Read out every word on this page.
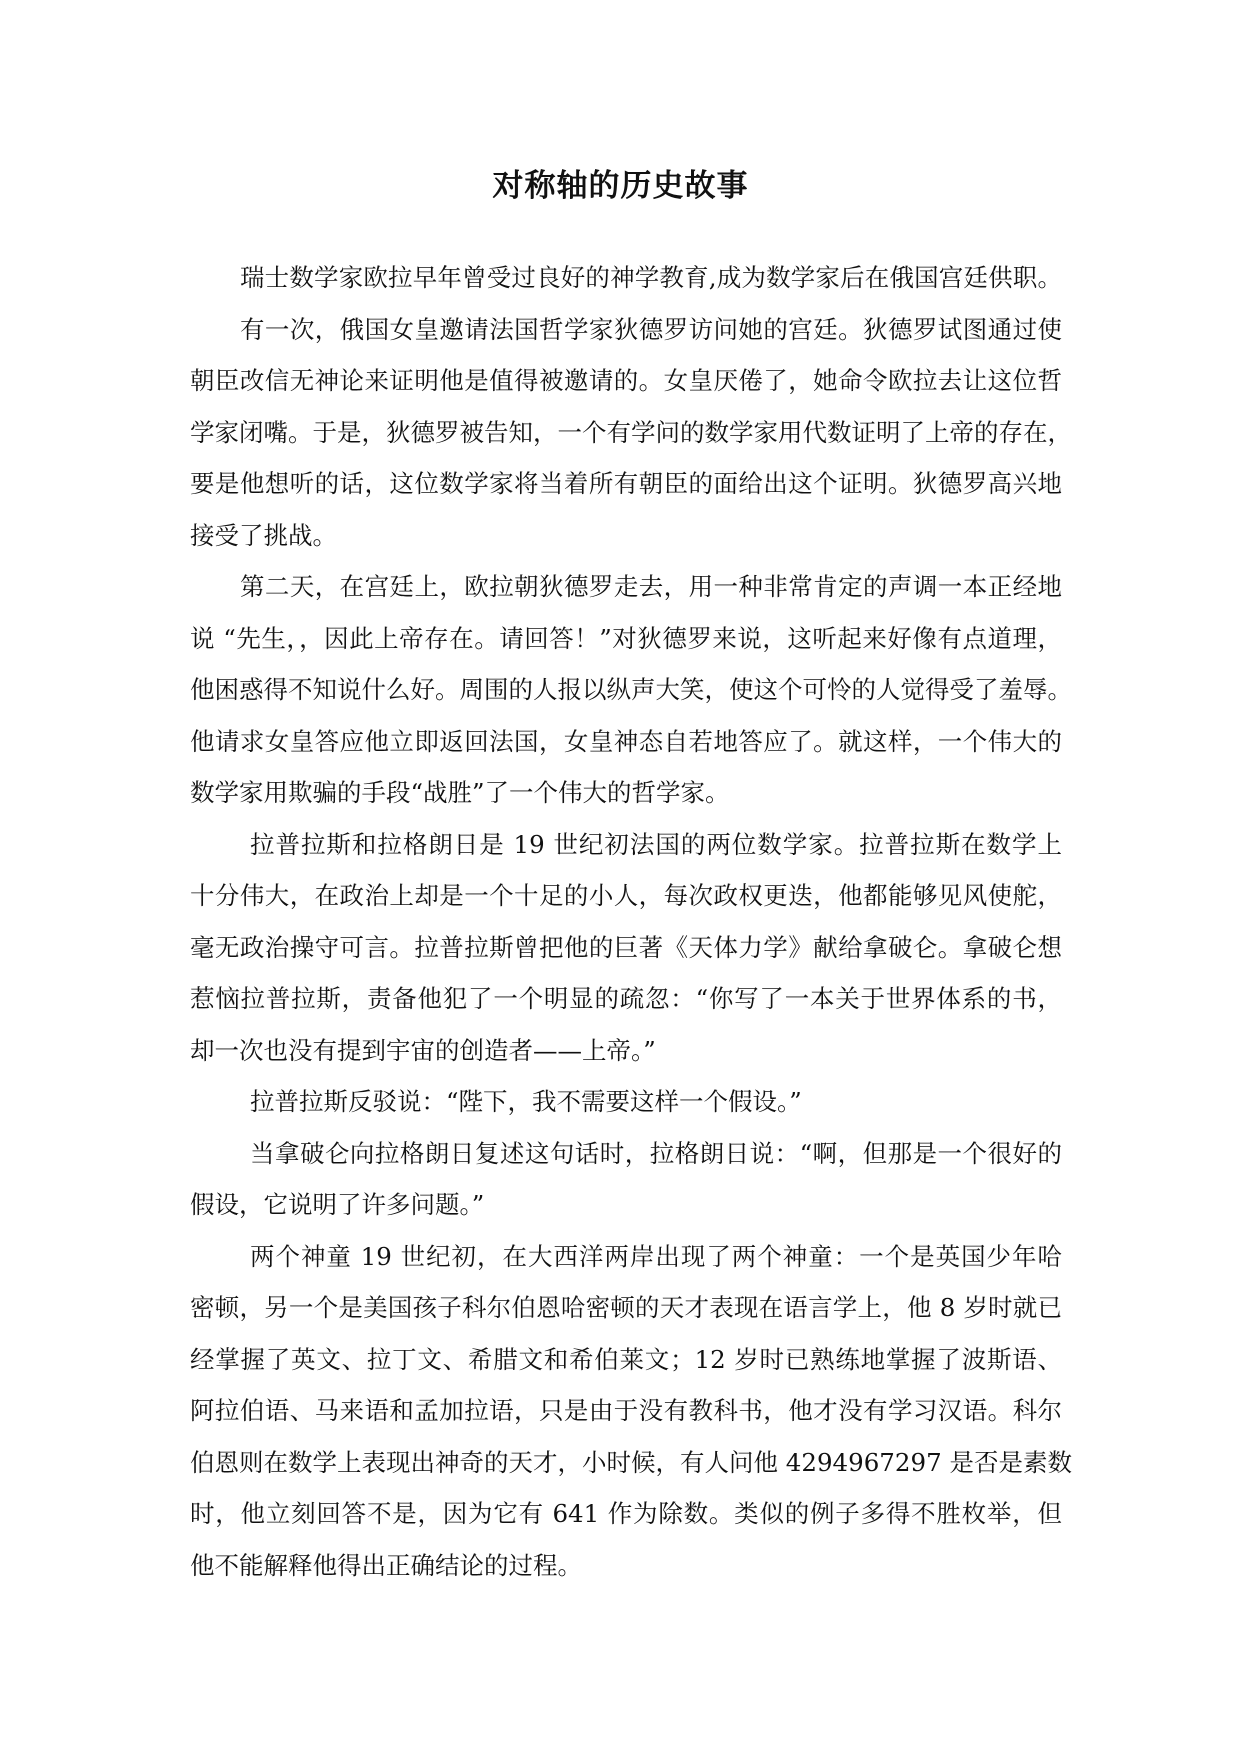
对称轴的历史故事
瑞士数学家欧拉早年曾受过良好的神学教育,成为数学家后在俄国宫廷供职。
有一次，俄国女皇邀请法国哲学家狄德罗访问她的宫廷。狄德罗试图通过使
朝臣改信无神论来证明他是值得被邀请的。女皇厌倦了，她命令欧拉去让这位哲
学家闭嘴。于是，狄德罗被告知，一个有学问的数学家用代数证明了上帝的存在，
要是他想听的话，这位数学家将当着所有朝臣的面给出这个证明。狄德罗高兴地
接受了挑战。
第二天，在宫廷上，欧拉朝狄德罗走去，用一种非常肯定的声调一本正经地
说 “先生，，因此上帝存在。请回答！”对狄德罗来说，这听起来好像有点道理，
他困惑得不知说什么好。周围的人报以纵声大笑，使这个可怜的人觉得受了羞辱。
他请求女皇答应他立即返回法国，女皇神态自若地答应了。就这样，一个伟大的
数学家用欺骗的手段“战胜”了一个伟大的哲学家。
拉普拉斯和拉格朗日是 19 世纪初法国的两位数学家。拉普拉斯在数学上
十分伟大，在政治上却是一个十足的小人，每次政权更迭，他都能够见风使舵，
毫无政治操守可言。拉普拉斯曾把他的巨著《天体力学》献给拿破仑。拿破仑想
惹恼拉普拉斯，责备他犯了一个明显的疏忽：“你写了一本关于世界体系的书，
却一次也没有提到宇宙的创造者——上帝。”
拉普拉斯反驳说：“陛下，我不需要这样一个假设。”
当拿破仑向拉格朗日复述这句话时，拉格朗日说：“啊，但那是一个很好的
假设，它说明了许多问题。”
两个神童 19 世纪初，在大西洋两岸出现了两个神童：一个是英国少年哈
密顿，另一个是美国孩子科尔伯恩哈密顿的天才表现在语言学上，他 8 岁时就已
经掌握了英文、拉丁文、希腊文和希伯莱文；12 岁时已熟练地掌握了波斯语、
阿拉伯语、马来语和孟加拉语，只是由于没有教科书，他才没有学习汉语。科尔
伯恩则在数学上表现出神奇的天才，小时候，有人问他 4294967297 是否是素数
时，他立刻回答不是，因为它有 641 作为除数。类似的例子多得不胜枚举，但
他不能解释他得出正确结论的过程。
